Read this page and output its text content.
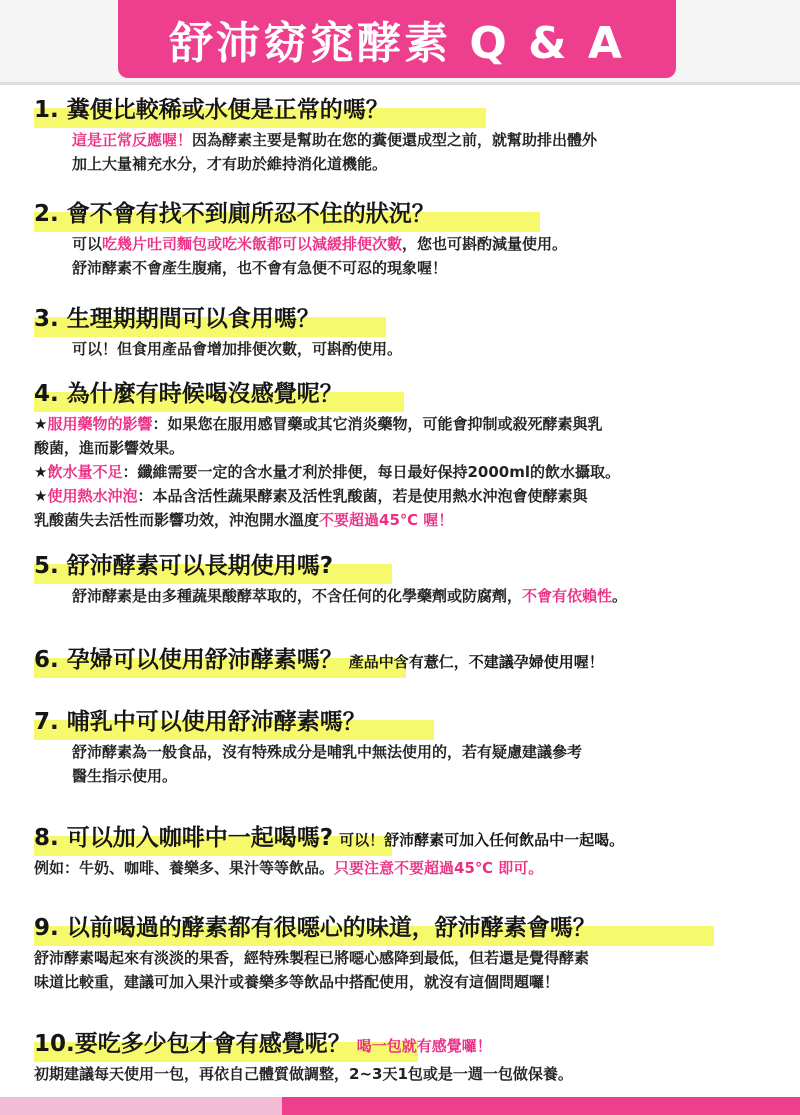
舒沛窈窕酵素 Q & A
1. 糞便比較稀或水便是正常的嗎？
這是正常反應喔！因為酵素主要是幫助在您的糞便還成型之前，就幫助排出體外
加上大量補充水分，才有助於維持消化道機能。
2. 會不會有找不到廁所忍不住的狀況？
可以吃幾片吐司麵包或吃米飯都可以減緩排便次數，您也可斟酌減量使用。
舒沛酵素不會產生腹痛，也不會有急便不可忍的現象喔！
3. 生理期期間可以食用嗎？
可以！但食用產品會增加排便次數，可斟酌使用。
4. 為什麼有時候喝沒感覺呢？
★服用藥物的影響：如果您在服用感冒藥或其它消炎藥物，可能會抑制或殺死酵素與乳
酸菌，進而影響效果。
★飲水量不足：纖維需要一定的含水量才利於排便，每日最好保持2000ml的飲水攝取。
★使用熱水沖泡：本品含活性蔬果酵素及活性乳酸菌，若是使用熱水沖泡會使酵素與
乳酸菌失去活性而影響功效，沖泡開水溫度不要超過45℃ 喔！
5. 舒沛酵素可以長期使用嗎?
舒沛酵素是由多種蔬果酸酵萃取的，不含任何的化學藥劑或防腐劑，不會有依賴性。
6. 孕婦可以使用舒沛酵素嗎？ 產品中含有薏仁，不建議孕婦使用喔！
7. 哺乳中可以使用舒沛酵素嗎？
舒沛酵素為一般食品，沒有特殊成分是哺乳中無法使用的，若有疑慮建議參考
醫生指示使用。
8. 可以加入咖啡中一起喝嗎? 可以！舒沛酵素可加入任何飲品中一起喝。
例如：牛奶、咖啡、養樂多、果汁等等飲品。只要注意不要超過45℃ 即可。
9. 以前喝過的酵素都有很噁心的味道，舒沛酵素會嗎？
舒沛酵素喝起來有淡淡的果香，經特殊製程已將噁心感降到最低，但若還是覺得酵素
味道比較重，建議可加入果汁或養樂多等飲品中搭配使用，就沒有這個問題囉！
10.要吃多少包才會有感覺呢？ 喝一包就有感覺囉！
初期建議每天使用一包，再依自己體質做調整，2~3天1包或是一週一包做保養。
